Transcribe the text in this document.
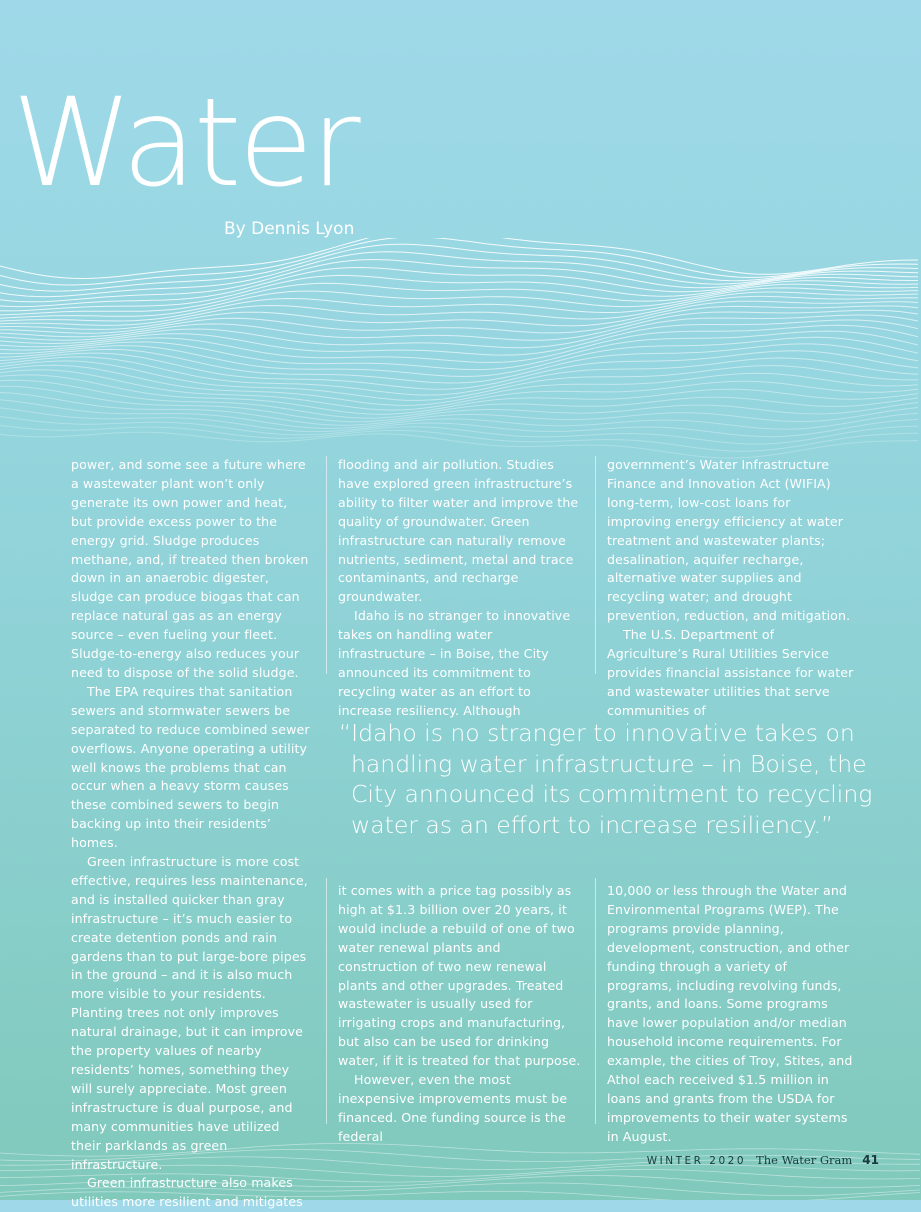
Water
By Dennis Lyon

power, and some see a future where a wastewater plant won’t only generate its own power and heat, but provide excess power to the energy grid. Sludge produces methane, and, if treated then broken down in an anaerobic digester, sludge can produce biogas that can replace natural gas as an energy source – even fueling your fleet. Sludge-to-energy also reduces your need to dispose of the solid sludge.

The EPA requires that sanitation sewers and stormwater sewers be separated to reduce combined sewer overflows. Anyone operating a utility well knows the problems that can occur when a heavy storm causes these combined sewers to begin backing up into their residents’ homes.

Green infrastructure is more cost effective, requires less maintenance, and is installed quicker than gray infrastructure – it’s much easier to create detention ponds and rain gardens than to put large-bore pipes in the ground – and it is also much more visible to your residents. Planting trees not only improves natural drainage, but it can improve the property values of nearby residents’ homes, something they will surely appreciate. Most green infrastructure is dual purpose, and many communities have utilized their parklands as green infrastructure.

Green infrastructure also makes utilities more resilient and mitigates

flooding and air pollution. Studies have explored green infrastructure’s ability to filter water and improve the quality of groundwater. Green infrastructure can naturally remove nutrients, sediment, metal and trace contaminants, and recharge groundwater.

Idaho is no stranger to innovative takes on handling water infrastructure – in Boise, the City announced its commitment to recycling water as an effort to increase resiliency. Although

government’s Water Infrastructure Finance and Innovation Act (WIFIA) long-term, low-cost loans for improving energy efficiency at water treatment and wastewater plants; desalination, aquifer recharge, alternative water supplies and recycling water; and drought prevention, reduction, and mitigation.

The U.S. Department of Agriculture’s Rural Utilities Service provides financial assistance for water and wastewater utilities that serve communities of

“Idaho is no stranger to innovative takes on handling water infrastructure – in Boise, the City announced its commitment to recycling water as an effort to increase resiliency.”

it comes with a price tag possibly as high at $1.3 billion over 20 years, it would include a rebuild of one of two water renewal plants and construction of two new renewal plants and other upgrades. Treated wastewater is usually used for irrigating crops and manufacturing, but also can be used for drinking water, if it is treated for that purpose.

However, even the most inexpensive improvements must be financed. One funding source is the federal

10,000 or less through the Water and Environmental Programs (WEP). The programs provide planning, development, construction, and other funding through a variety of programs, including revolving funds, grants, and loans. Some programs have lower population and/or median household income requirements. For example, the cities of Troy, Stites, and Athol each received $1.5 million in loans and grants from the USDA for improvements to their water systems in August.

WINTER 2020 The Water Gram 41
